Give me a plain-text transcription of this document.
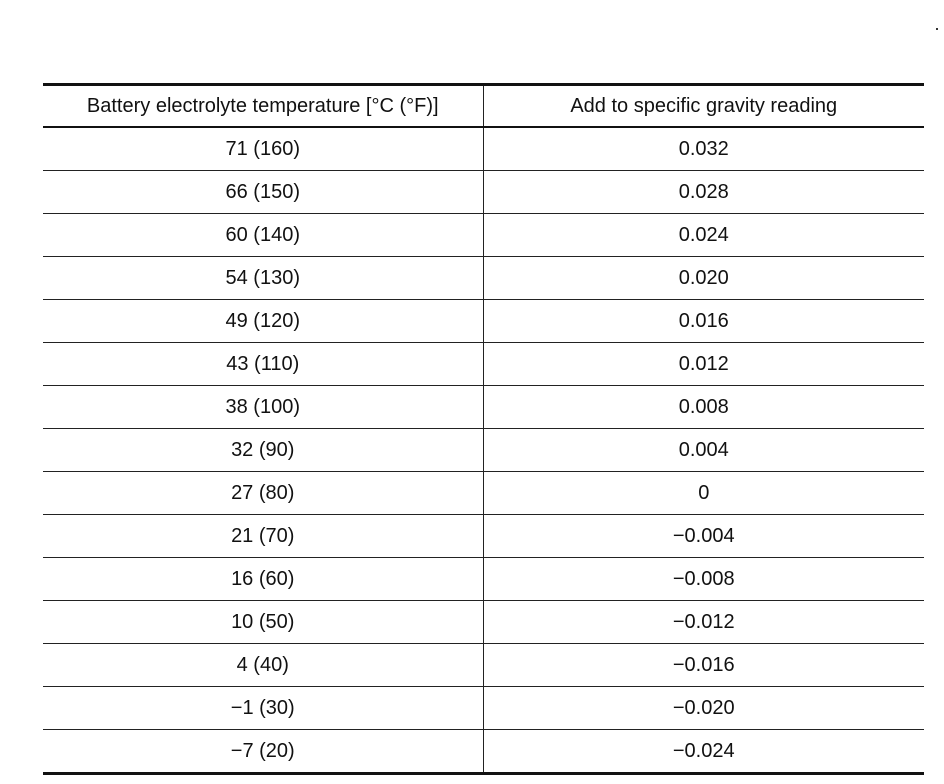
Battery electrolyte temperature [°C (°F)]	Add to specific gravity reading
71 (160)	0.032
66 (150)	0.028
60 (140)	0.024
54 (130)	0.020
49 (120)	0.016
43 (110)	0.012
38 (100)	0.008
32 (90)	0.004
27 (80)	0
21 (70)	−0.004
16 (60)	−0.008
10 (50)	−0.012
4 (40)	−0.016
−1 (30)	−0.020
−7 (20)	−0.024
